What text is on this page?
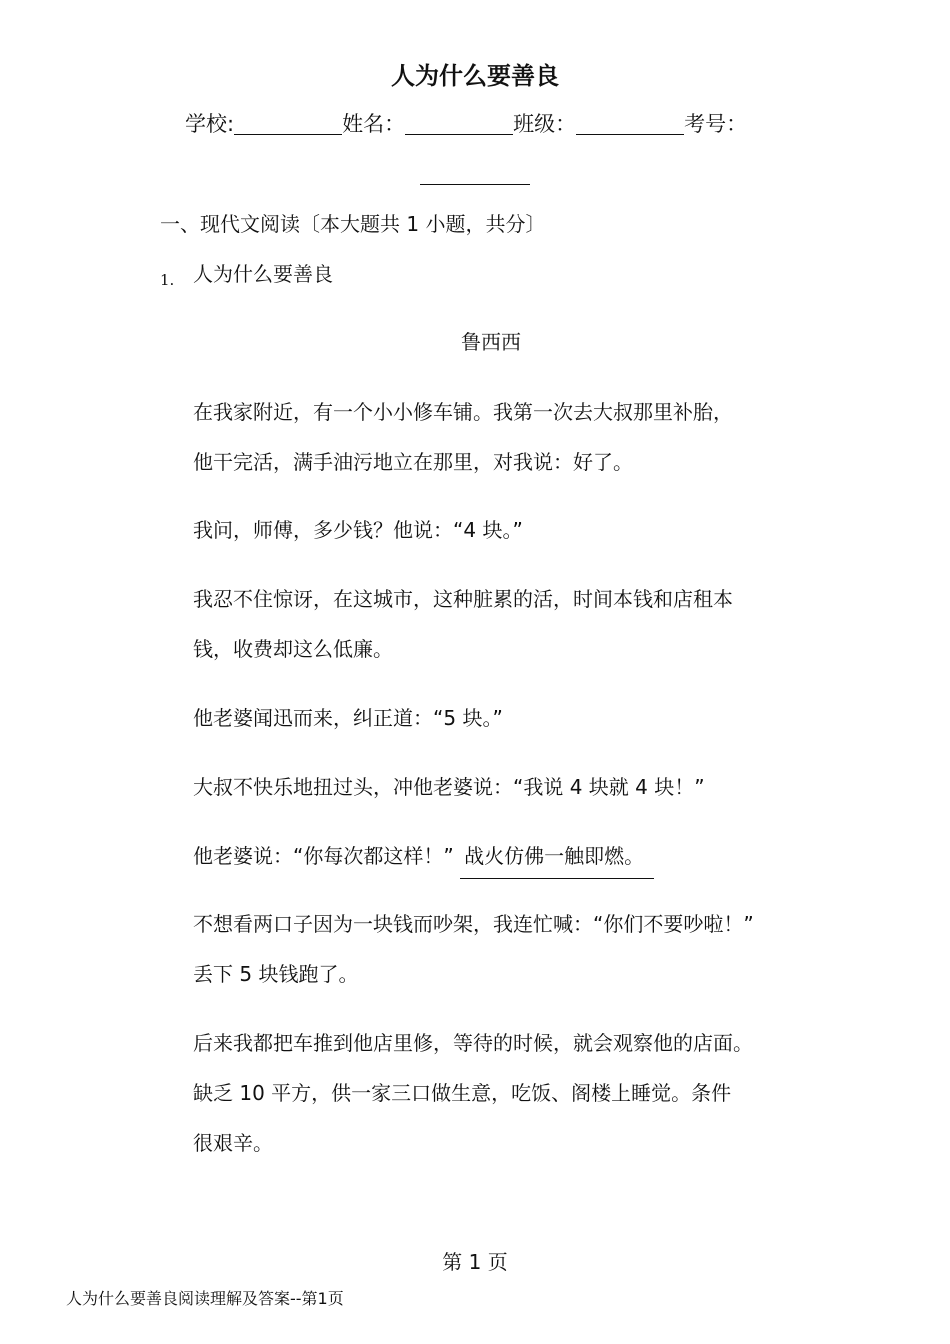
人为什么要善良
学校:	姓名：	班级：	考号：
一、现代文阅读〔本大题共 1 小题，共分〕
1. 人为什么要善良
鲁西西
在我家附近，有一个小小修车铺。我第一次去大叔那里补胎，
他干完活，满手油污地立在那里，对我说：好了。
我问，师傅，多少钱？他说：“4 块。”
我忍不住惊讶，在这城市，这种脏累的活，时间本钱和店租本
钱，收费却这么低廉。
他老婆闻迅而来，纠正道：“5 块。”
大叔不快乐地扭过头，冲他老婆说：“我说 4 块就 4 块！”
他老婆说：“你每次都这样！” 战火仿佛一触即燃。
不想看两口子因为一块钱而吵架，我连忙喊：“你们不要吵啦！”
丢下 5 块钱跑了。
后来我都把车推到他店里修，等待的时候，就会观察他的店面。
缺乏 10 平方，供一家三口做生意，吃饭、阁楼上睡觉。条件
很艰辛。
第 1 页
人为什么要善良阅读理解及答案--第1页
